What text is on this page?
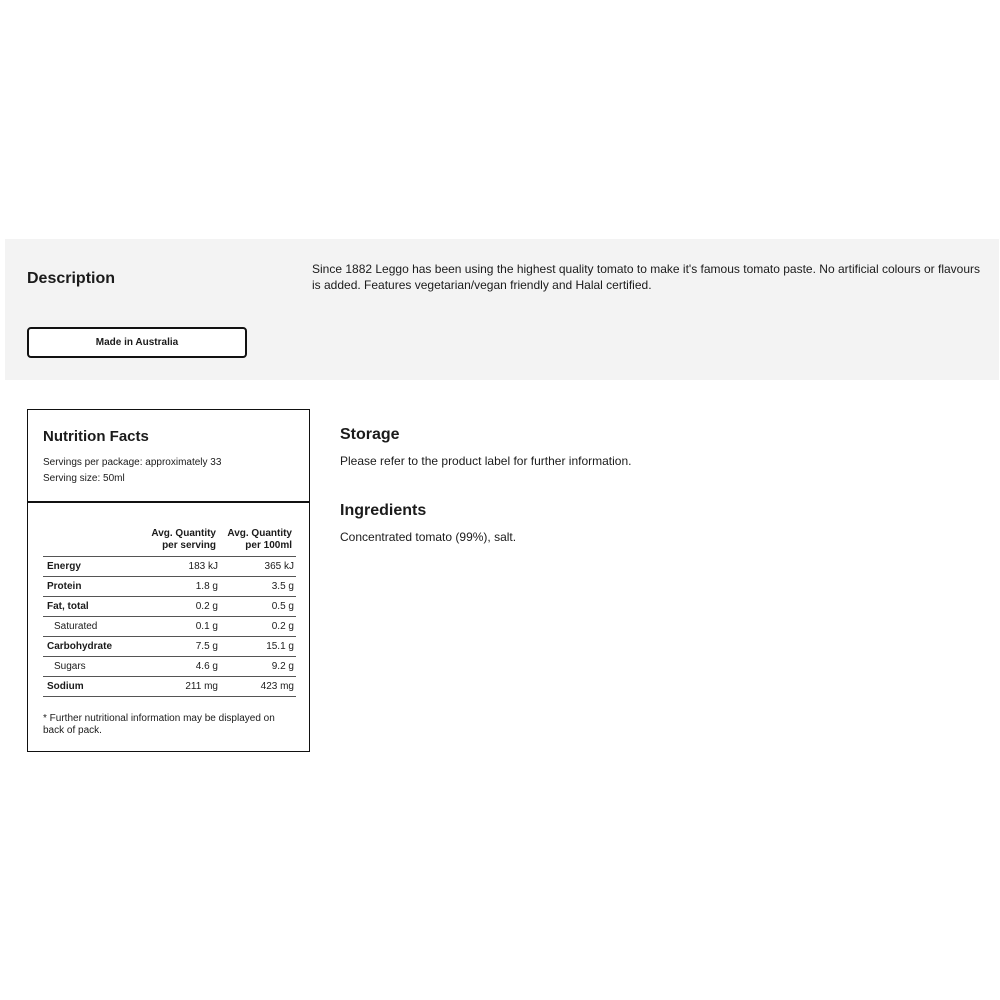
Description

Since 1882 Leggo has been using the highest quality tomato to make it's famous tomato paste. No artificial colours or flavours is added. Features vegetarian/vegan friendly and Halal certified.

Made in Australia
Nutrition Facts
Servings per package: approximately 33
Serving size: 50ml
	Avg. Quantity per serving	Avg. Quantity per 100ml
Energy	183 kJ	365 kJ
Protein	1.8 g	3.5 g
Fat, total	0.2 g	0.5 g
Saturated	0.1 g	0.2 g
Carbohydrate	7.5 g	15.1 g
Sugars	4.6 g	9.2 g
Sodium	211 mg	423 mg

* Further nutritional information may be displayed on back of pack.

Storage

Please refer to the product label for further information.

Ingredients

Concentrated tomato (99%), salt.
